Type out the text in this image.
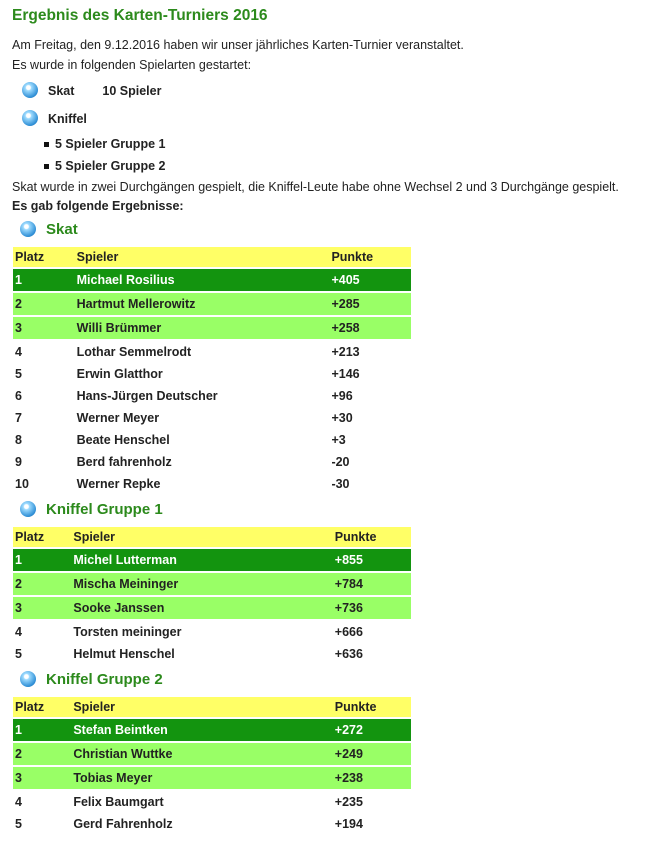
Ergebnis des Karten-Turniers 2016

Am Freitag, den 9.12.2016 haben wir unser jährliches Karten-Turnier veranstaltet.

Es wurde in folgenden Spielarten gestartet:

Skat 10 Spieler
Kniffel
5 Spieler Gruppe 1
5 Spieler Gruppe 2

Skat wurde in zwei Durchgängen gespielt, die Kniffel-Leute habe ohne Wechsel 2 und 3 Durchgänge gespielt.

Es gab folgende Ergebnisse:

Skat
Platz	Spieler	Punkte
1	Michael Rosilius	+405
2	Hartmut Mellerowitz	+285
3	Willi Brümmer	+258
4	Lothar Semmelrodt	+213
5	Erwin Glatthor	+146
6	Hans-Jürgen Deutscher	+96
7	Werner Meyer	+30
8	Beate Henschel	+3
9	Berd fahrenholz	-20
10	Werner Repke	-30
Kniffel Gruppe 1
Platz	Spieler	Punkte
1	Michel Lutterman	+855
2	Mischa Meininger	+784
3	Sooke Janssen	+736
4	Torsten meininger	+666
5	Helmut Henschel	+636
Kniffel Gruppe 2
Platz	Spieler	Punkte
1	Stefan Beintken	+272
2	Christian Wuttke	+249
3	Tobias Meyer	+238
4	Felix Baumgart	+235
5	Gerd Fahrenholz	+194
